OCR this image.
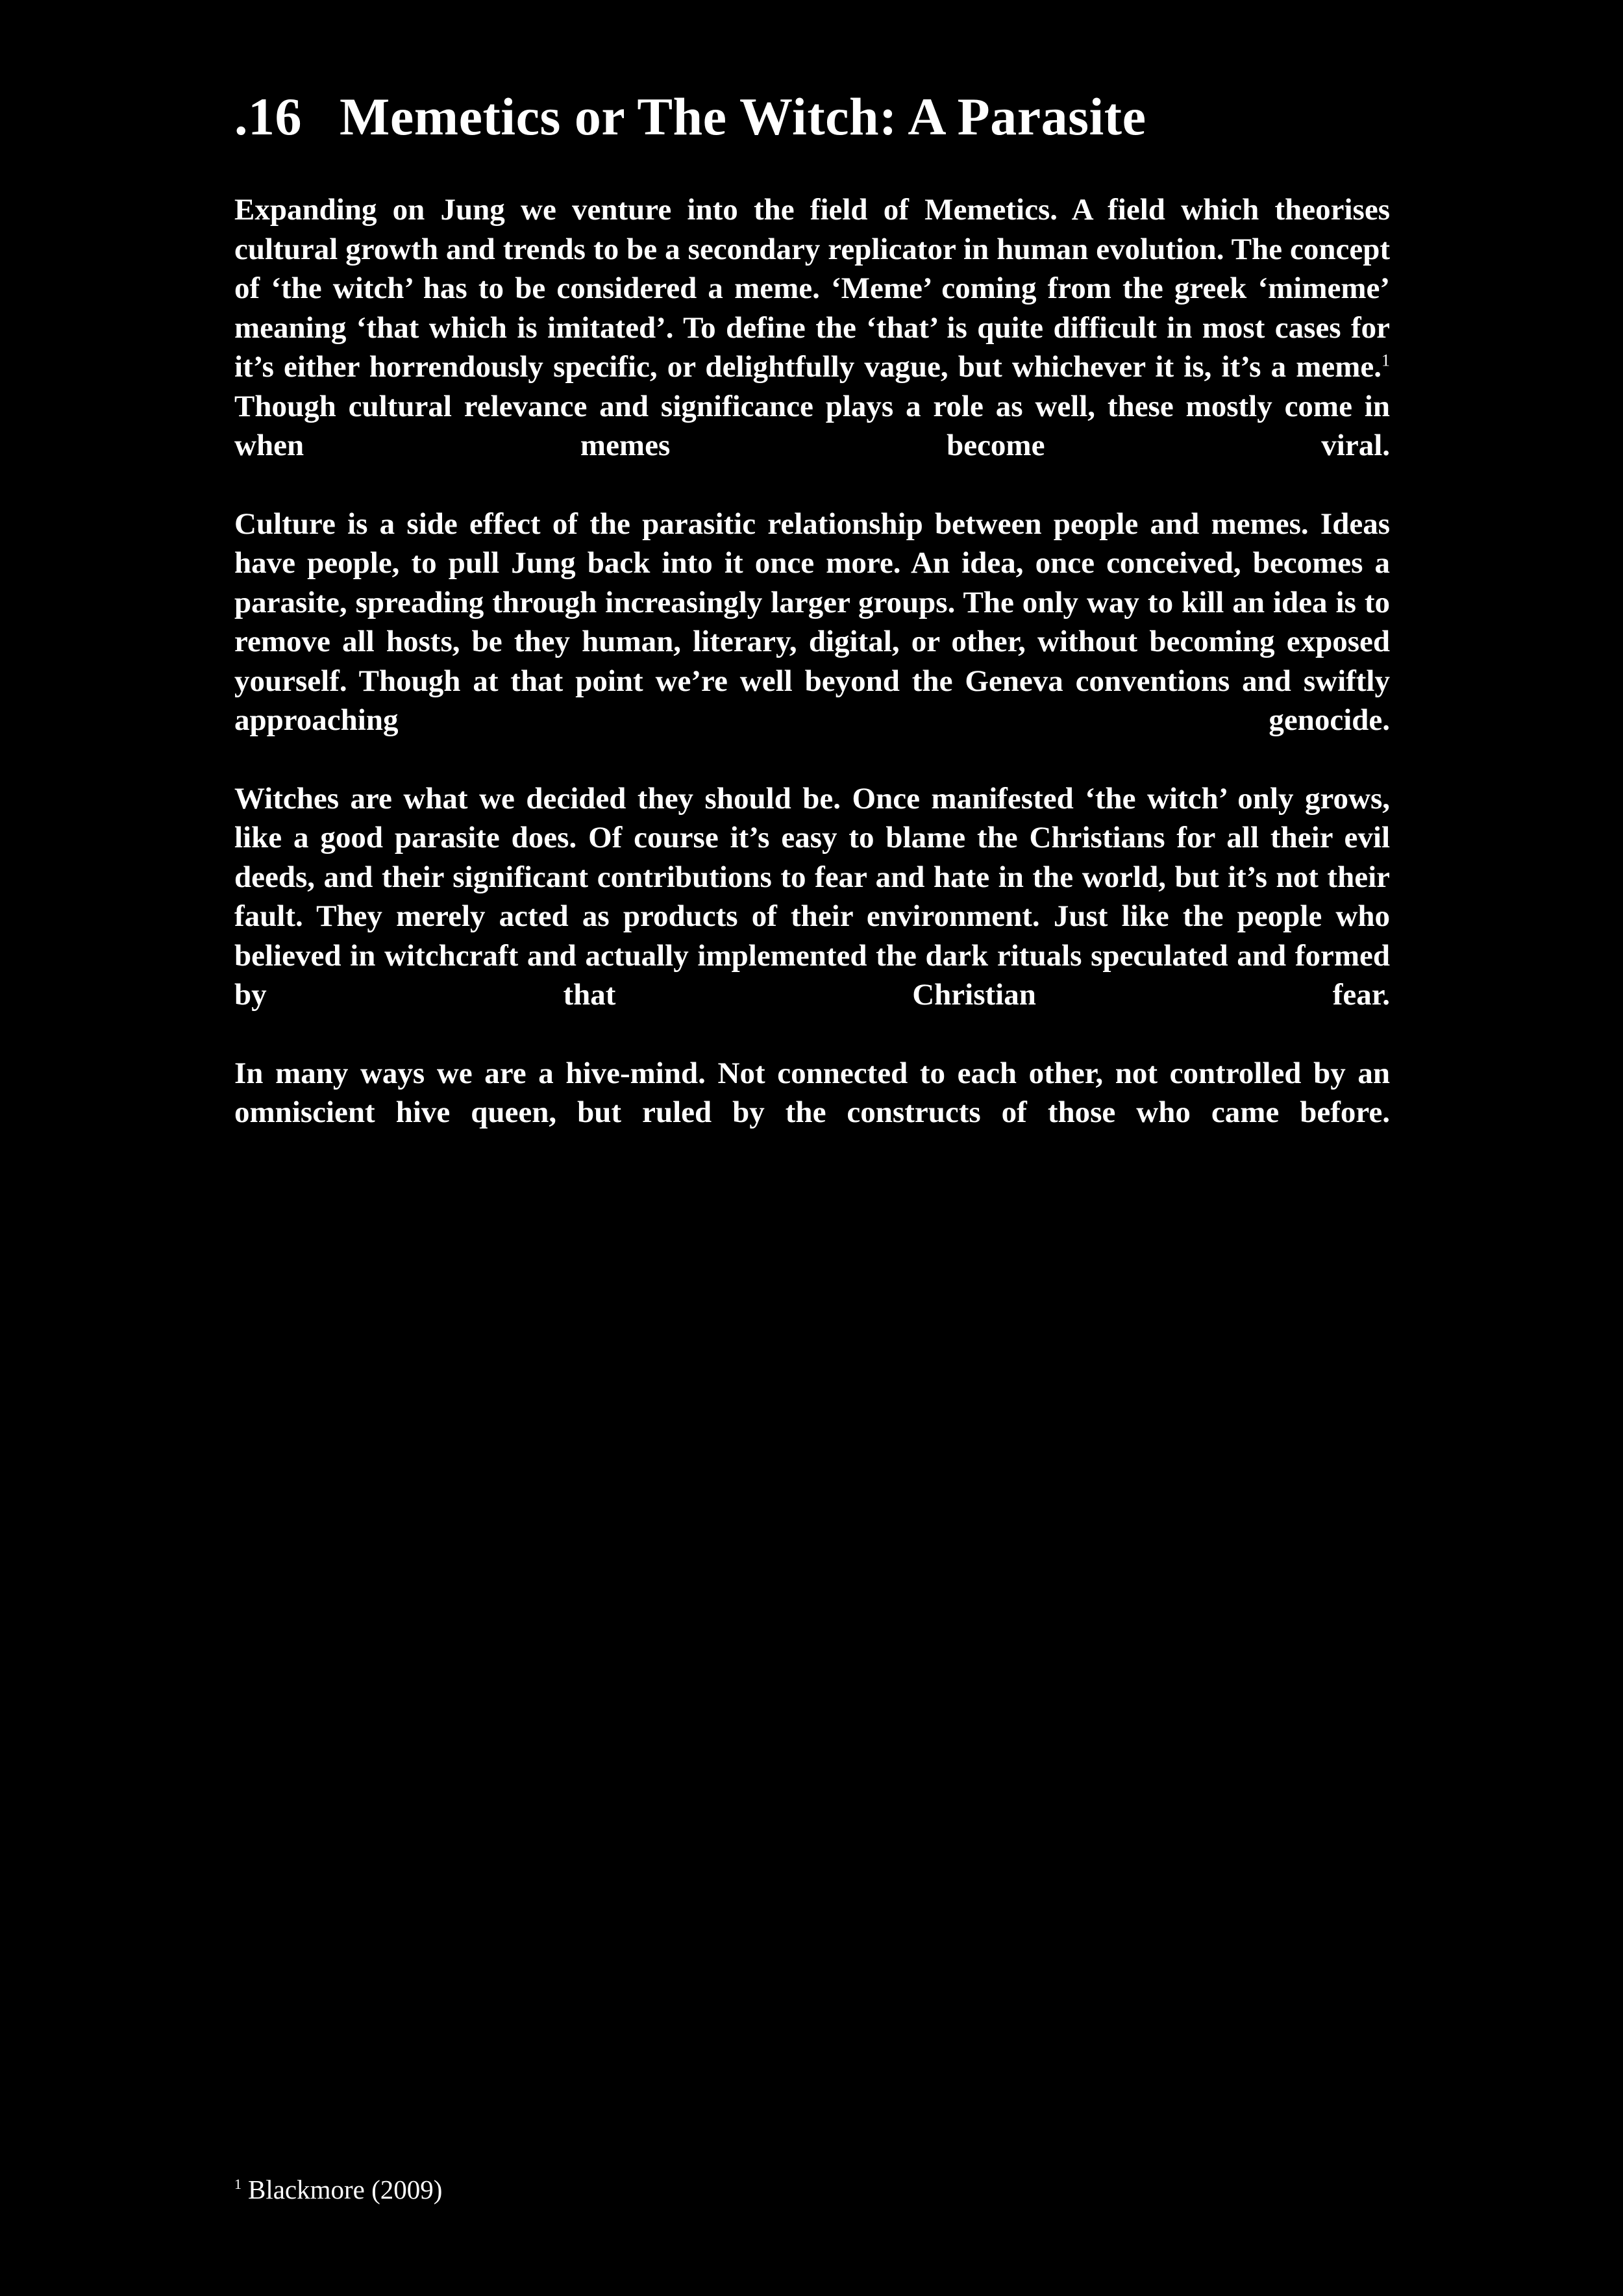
.16 Memetics or The Witch: A Parasite

Expanding on Jung we venture into the field of Memetics. A field which theorises cultural growth and trends to be a secondary replicator in human evolution. The concept of ‘the witch’ has to be considered a meme. ‘Meme’ coming from the greek ‘mimeme’ meaning ‘that which is imitated’. To define the ‘that’ is quite difficult in most cases for it’s either horrendously specific, or delightfully vague, but whichever it is, it’s a meme.$^1$ Though cultural relevance and significance plays a role as well, these mostly come in when memes become viral.

Culture is a side effect of the parasitic relationship between people and memes. Ideas have people, to pull Jung back into it once more. An idea, once conceived, becomes a parasite, spreading through increasingly larger groups. The only way to kill an idea is to remove all hosts, be they human, literary, digital, or other, without becoming exposed yourself. Though at that point we’re well beyond the Geneva conventions and swiftly approaching genocide.

Witches are what we decided they should be. Once manifested ‘the witch’ only grows, like a good parasite does. Of course it’s easy to blame the Christians for all their evil deeds, and their significant contributions to fear and hate in the world, but it’s not their fault. They merely acted as products of their environment. Just like the people who believed in witchcraft and actually implemented the dark rituals speculated and formed by that Christian fear.

In many ways we are a hive-mind. Not connected to each other, not controlled by an omniscient hive queen, but ruled by the constructs of those who came before.

$^1$ Blackmore (2009)
